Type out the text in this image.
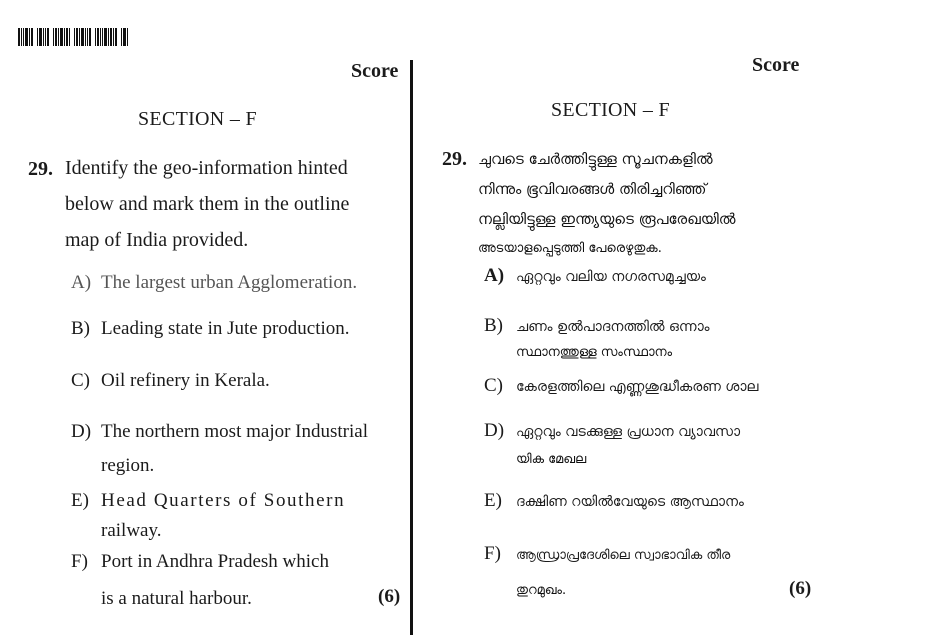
Score
SECTION – F
29. Identify the geo-information hinted
below and mark them in the outline
map of India provided.
A) The largest urban Agglomeration.
B) Leading state in Jute production.
C) Oil refinery in Kerala.
D) The northern most major Industrial
region.
E) Head Quarters of Southern
railway.
F) Port in Andhra Pradesh which
is a natural harbour.	(6)
Score
SECTION – F
29. ചുവടെ ചേർത്തിട്ടുള്ള സൂചനകളിൽ
നിന്നും ഭൂവിവരങ്ങൾ തിരിച്ചറിഞ്ഞ്
നല്ലിയിട്ടുള്ള ഇന്ത്യയുടെ രൂപരേഖയിൽ
അടയാളപ്പെടുത്തി പേരെഴുതുക.
A) ഏറ്റവും വലിയ നഗരസമുച്ചയം
B) ചണം ഉൽപാദനത്തിൽ ഒന്നാം
സ്ഥാനത്തുള്ള സംസ്ഥാനം
C) കേരളത്തിലെ എണ്ണശുദ്ധീകരണ ശാല
D) ഏറ്റവും വടക്കുള്ള പ്രധാന വ്യാവസാ
യിക മേഖല
E) ദക്ഷിണ റയിൽവേയുടെ ആസ്ഥാനം
F) ആന്ധ്രാപ്രദേശിലെ സ്വാഭാവിക തീര
തുറമുഖം.	(6)
